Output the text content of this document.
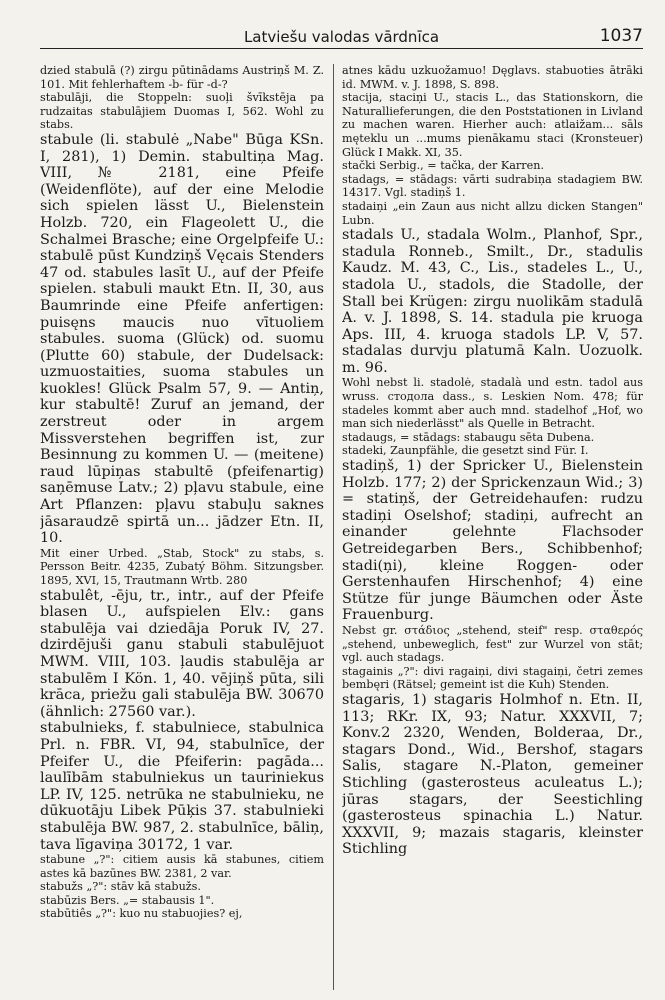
Latviešu valodas vārdnīca	1037

dzied stabulā (?) zirgu pūtinādams Austriņš M. Z. 101. Mit fehlerhaftem -b- für -d-?

stabulāji, die Stoppeln: suoļi švīkstēja pa rudzaitas stabulājiem Duomas I, 562. Wohl zu stabs.

stabule (li. stabulė „Nabe" Būga KSn. I, 281), 1) Demin. stabultiņa Mag. VIII, № 2181, eine Pfeife (Weidenflöte), auf der eine Melodie sich spielen lässt U., Bielenstein Holzb. 720, ein Flageolett U., die Schalmei Brasche; eine Orgelpfeife U.: stabulē pūst Kundziņš Vęcais Stenders 47 od. stabules lasīt U., auf der Pfeife spielen. stabuli maukt Etn. II, 30, aus Baumrinde eine Pfeife anfertigen: puisęns maucis nuo vītuoliem stabules. suoma (Glück) od. suomu (Plutte 60) stabule, der Dudelsack: uzmuostaities, suoma stabules un kuokles! Glück Psalm 57, 9. — Antiņ, kur stabultē! Zuruf an jemand, der zerstreut oder in argem Missverstehen begriffen ist, zur Besinnung zu kommen U. — (meitene) raud lūpiņas stabultē (pfeifenartig) saņēmuse Latv.; 2) pļavu stabule, eine Art Pflanzen: pļavu stabuļu saknes jāsaraudzē spirtā un... jādzer Etn. II, 10.

Mit einer Urbed. „Stab, Stock" zu stabs, s. Persson Beitr. 4235, Zubatý Böhm. Sitzungsber. 1895, XVI, 15, Trautmann Wrtb. 280

stabulêt, -ēju, tr., intr., auf der Pfeife blasen U., aufspielen Elv.: gans stabulēja vai dziedāja Poruk IV, 27. dzirdējuši ganu stabuli stabulējuot MWM. VIII, 103. ļaudis stabulēja ar stabulēm I Kön. 1, 40. vējiņš pūta, sili krāca, priežu gali stabulēja BW. 30670 (ähnlich: 27560 var.).

stabulnieks, f. stabulniece, stabulnica Prl. n. FBR. VI, 94, stabulnīce, der Pfeifer U., die Pfeiferin: pagāda... laulībām stabulniekus un tauriniekus LP. IV, 125. netrūka ne stabulnieku, ne dūkuotāju Libek Pūķis 37. stabulnieki stabulēja BW. 987, 2. stabulnīce, bāliņ, tava līgaviņa 30172, 1 var.

stabune „?": citiem ausis kā stabunes, citiem astes kā bazūnes BW. 2381, 2 var.

stabužs „?": stāv kā stabužs.

stabūzis Bers. „= stabausis 1".

stabūtiês „?": kuo nu stabuojies? ej,

atnes kādu uzkuožamuo! Dęglavs. stabuoties ātrāki id. MWM. v. J. 1898, S. 898.

stacija, staciņi U., stacis L., das Stationskorn, die Naturallieferungen, die den Poststationen in Livland zu machen waren. Hierher auch: atlaižam... sāls męteklu un ...mums pienākamu staci (Kronsteuer) Glück I Makk. XI, 35.

stački Serbig., = tačka, der Karren.

stadags, = stādags: vārti sudrabiņa stadagiem BW. 14317. Vgl. stadiņš 1.

stadaiņi „ein Zaun aus nicht allzu dicken Stangen" Lubn.

stadals U., stadala Wolm., Planhof, Spr., stadula Ronneb., Smilt., Dr., stadulis Kaudz. M. 43, C., Lis., stadeles L., U., stadola U., stadols, die Stadolle, der Stall bei Krügen: zirgu nuolikām stadulā A. v. J. 1898, S. 14. stadula pie kruoga Aps. III, 4. kruoga stadols LP. V, 57. stadalas durvju platumā Kaln. Uozuolk. m. 96.

Wohl nebst li. stadolė, stadalà und estn. tadol aus wruss. стодола dass., s. Leskien Nom. 478; für stadeles kommt aber auch mnd. stadelhof „Hof, wo man sich niederlässt" als Quelle in Betracht.

stadaugs, = stādags: stabaugu sēta Dubena.

stadeki, Zaunpfähle, die gesetzt sind Für. I.

stadiņš, 1) der Spricker U., Bielenstein Holzb. 177; 2) der Sprickenzaun Wid.; 3) = statiņš, der Getreidehaufen: rudzu stadiņi Oselshof; stadiņi, aufrecht an einander gelehnte Flachsoder Getreidegarben Bers., Schibbenhof; stadi(ņi), kleine Roggen- oder Gerstenhaufen Hirschenhof; 4) eine Stütze für junge Bäumchen oder Äste Frauenburg.

Nebst gr. στάδιος „stehend, steif" resp. σταθερός „stehend, unbeweglich, fest" zur Wurzel von stāt; vgl. auch stadags.

stagainis „?": divi ragaiņi, divi stagaiņi, četri zemes bembęri (Rätsel; gemeint ist die Kuh) Stenden.

stagaris, 1) stagaris Holmhof n. Etn. II, 113; RKr. IX, 93; Natur. XXXVII, 7; Konv.2 2320, Wenden, Bolderaa, Dr., stagars Dond., Wid., Bershof, stagars Salis, stagare N.-Platon, gemeiner Stichling (gasterosteus aculeatus L.); jūras stagars, der Seestichling (gasterosteus spinachia L.) Natur. XXXVII, 9; mazais stagaris, kleinster Stichling
